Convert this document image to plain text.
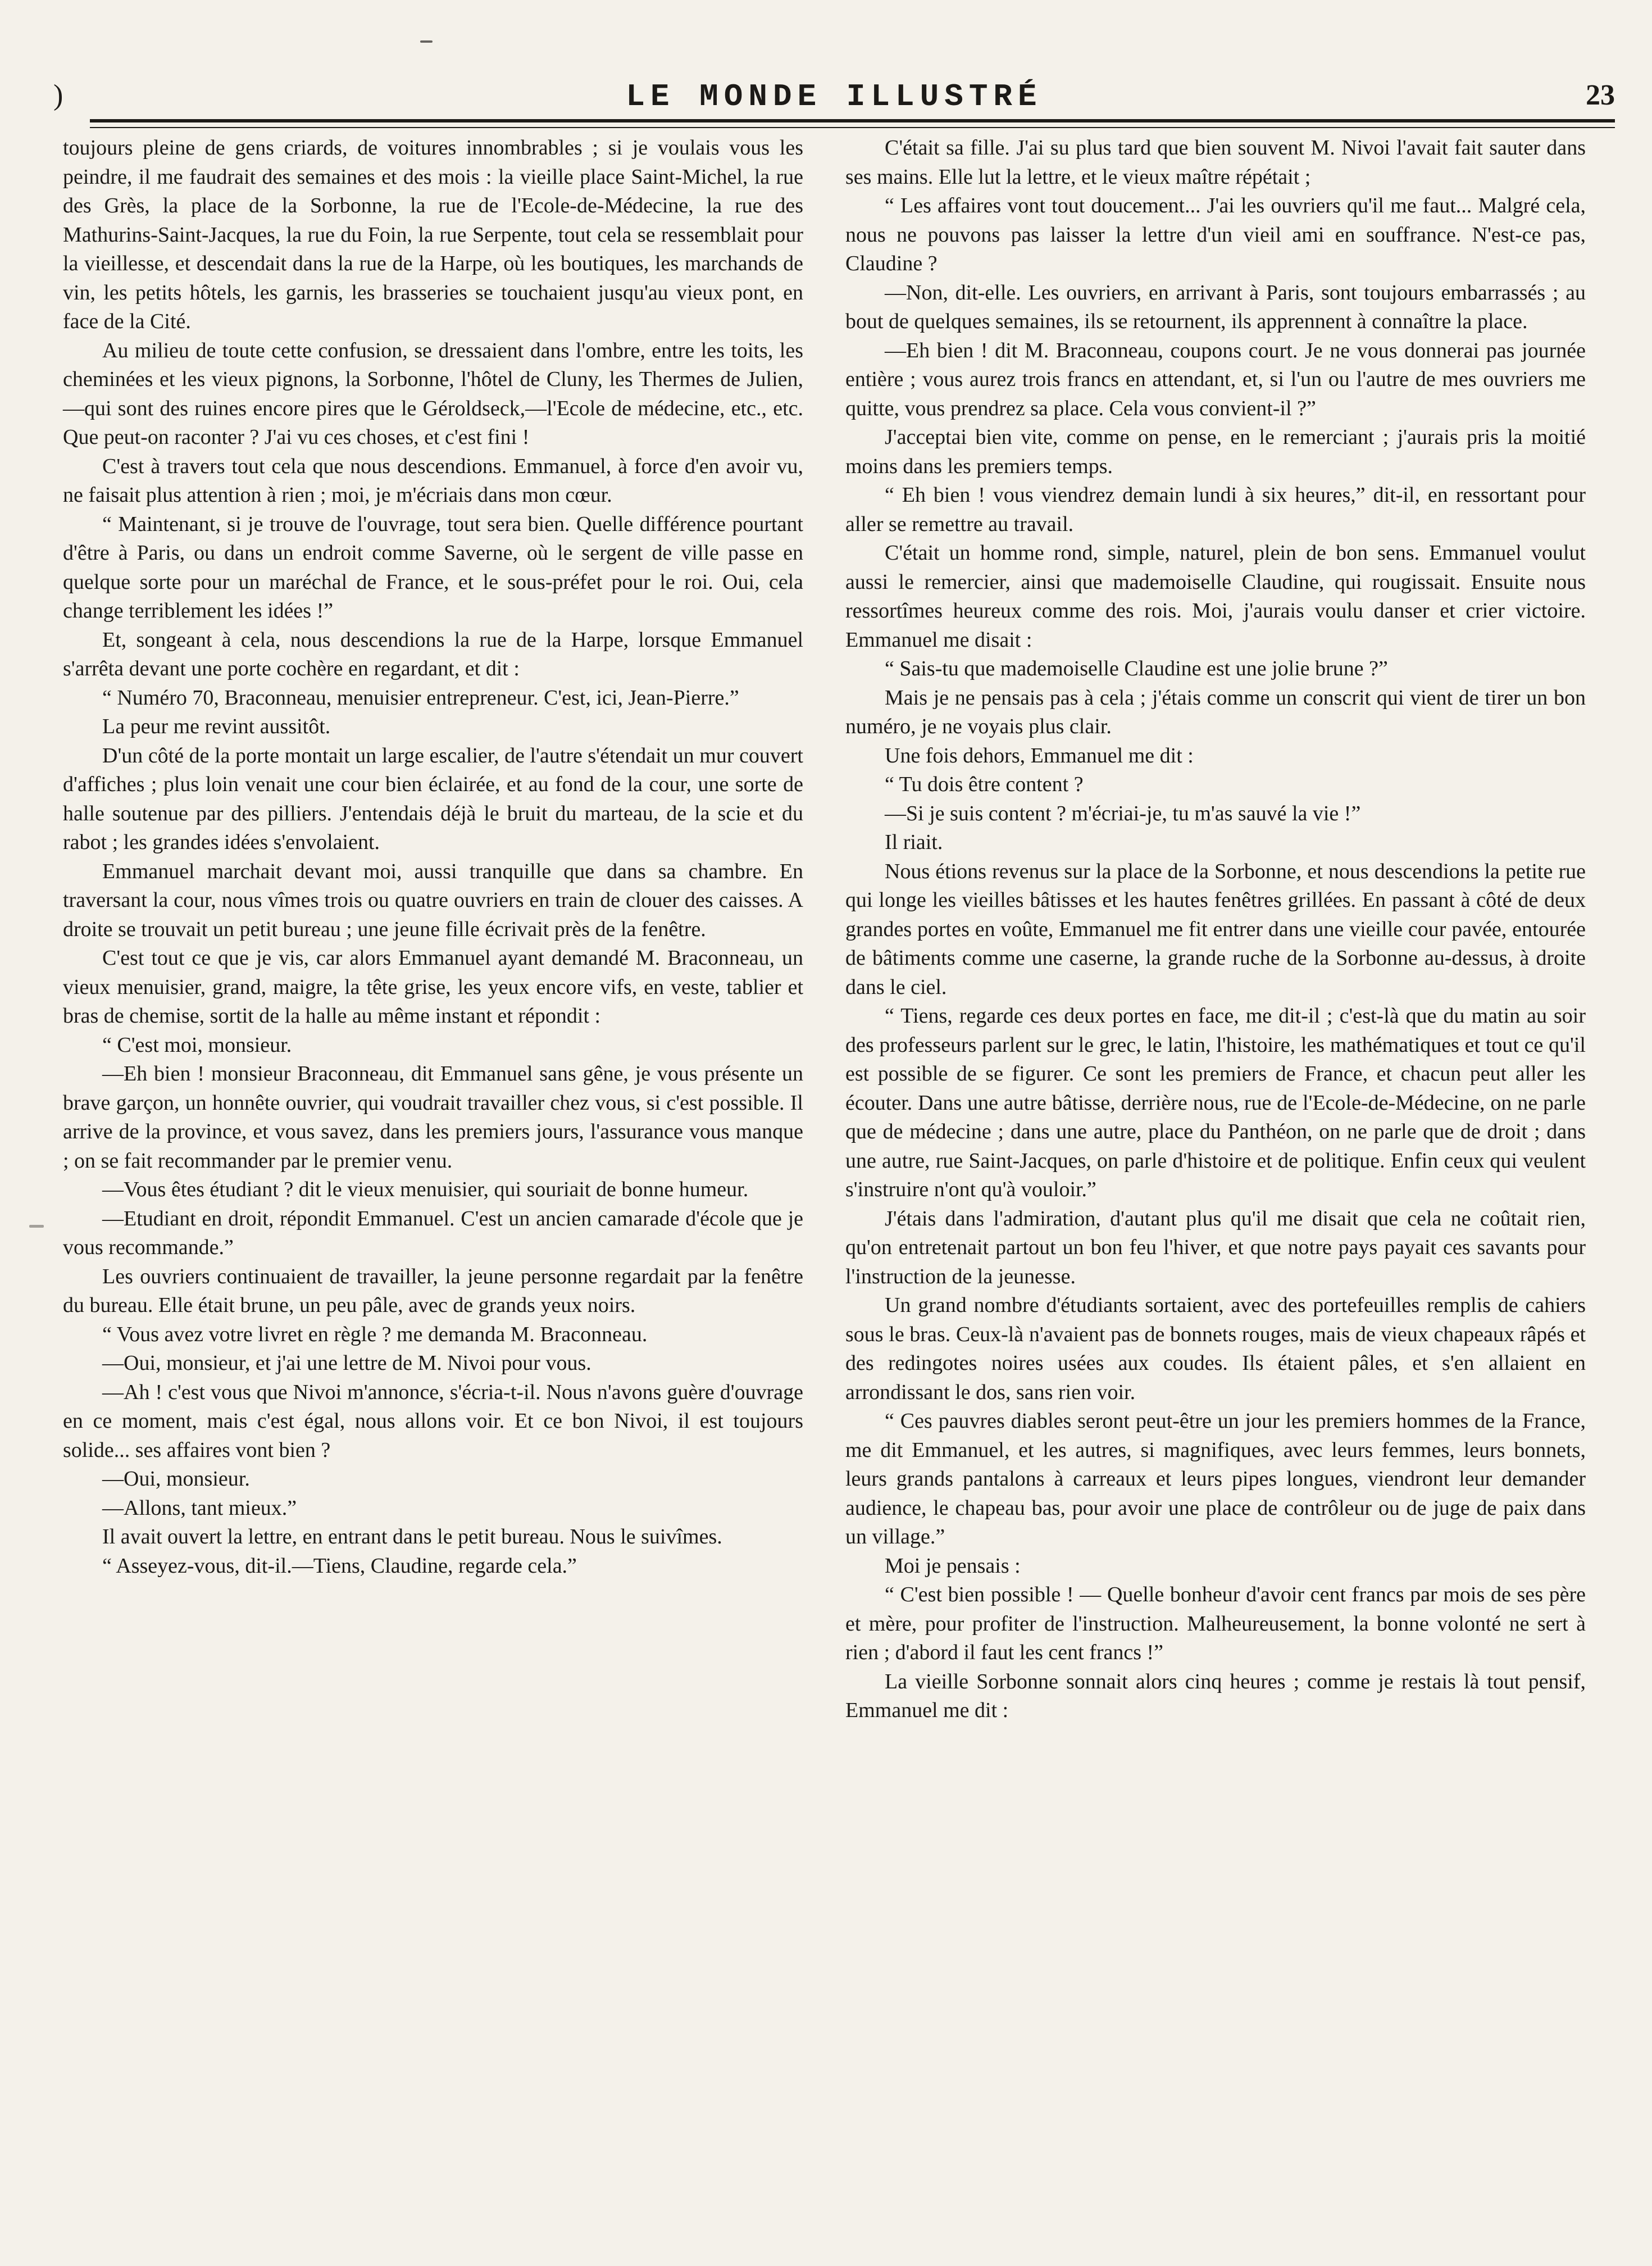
)	LE MONDE ILLUSTRÉ	23

toujours pleine de gens criards, de voitures innombrables ; si je voulais vous les peindre, il me faudrait des semaines et des mois : la vieille place Saint-Michel, la rue des Grès, la place de la Sorbonne, la rue de l'Ecole-de-Médecine, la rue des Mathurins-Saint-Jacques, la rue du Foin, la rue Serpente, tout cela se ressemblait pour la vieillesse, et descendait dans la rue de la Harpe, où les boutiques, les marchands de vin, les petits hôtels, les garnis, les brasseries se touchaient jusqu'au vieux pont, en face de la Cité.

Au milieu de toute cette confusion, se dressaient dans l'ombre, entre les toits, les cheminées et les vieux pignons, la Sorbonne, l'hôtel de Cluny, les Thermes de Julien,—qui sont des ruines encore pires que le Géroldseck,—l'Ecole de médecine, etc., etc. Que peut-on raconter ? J'ai vu ces choses, et c'est fini !

C'est à travers tout cela que nous descendions. Emmanuel, à force d'en avoir vu, ne faisait plus attention à rien ; moi, je m'écriais dans mon cœur.

“ Maintenant, si je trouve de l'ouvrage, tout sera bien. Quelle différence pourtant d'être à Paris, ou dans un endroit comme Saverne, où le sergent de ville passe en quelque sorte pour un maréchal de France, et le sous-préfet pour le roi. Oui, cela change terriblement les idées !”

Et, songeant à cela, nous descendions la rue de la Harpe, lorsque Emmanuel s'arrêta devant une porte cochère en regardant, et dit :

“ Numéro 70, Braconneau, menuisier entrepreneur. C'est, ici, Jean-Pierre.”

La peur me revint aussitôt.

D'un côté de la porte montait un large escalier, de l'autre s'étendait un mur couvert d'affiches ; plus loin venait une cour bien éclairée, et au fond de la cour, une sorte de halle soutenue par des pilliers. J'entendais déjà le bruit du marteau, de la scie et du rabot ; les grandes idées s'envolaient.

Emmanuel marchait devant moi, aussi tranquille que dans sa chambre. En traversant la cour, nous vîmes trois ou quatre ouvriers en train de clouer des caisses. A droite se trouvait un petit bureau ; une jeune fille écrivait près de la fenêtre.

C'est tout ce que je vis, car alors Emmanuel ayant demandé M. Braconneau, un vieux menuisier, grand, maigre, la tête grise, les yeux encore vifs, en veste, tablier et bras de chemise, sortit de la halle au même instant et répondit :

“ C'est moi, monsieur.

—Eh bien ! monsieur Braconneau, dit Emmanuel sans gêne, je vous présente un brave garçon, un honnête ouvrier, qui voudrait travailler chez vous, si c'est possible. Il arrive de la province, et vous savez, dans les premiers jours, l'assurance vous manque ; on se fait recommander par le premier venu.

—Vous êtes étudiant ? dit le vieux menuisier, qui souriait de bonne humeur.

—Etudiant en droit, répondit Emmanuel. C'est un ancien camarade d'école que je vous recommande.”

Les ouvriers continuaient de travailler, la jeune personne regardait par la fenêtre du bureau. Elle était brune, un peu pâle, avec de grands yeux noirs.

“ Vous avez votre livret en règle ? me demanda M. Braconneau.

—Oui, monsieur, et j'ai une lettre de M. Nivoi pour vous.

—Ah ! c'est vous que Nivoi m'annonce, s'écria-t-il. Nous n'avons guère d'ouvrage en ce moment, mais c'est égal, nous allons voir. Et ce bon Nivoi, il est toujours solide... ses affaires vont bien ?

—Oui, monsieur.

—Allons, tant mieux.”

Il avait ouvert la lettre, en entrant dans le petit bureau. Nous le suivîmes.

“ Asseyez-vous, dit-il.—Tiens, Claudine, regarde cela.”

C'était sa fille. J'ai su plus tard que bien souvent M. Nivoi l'avait fait sauter dans ses mains. Elle lut la lettre, et le vieux maître répétait ;

“ Les affaires vont tout doucement... J'ai les ouvriers qu'il me faut... Malgré cela, nous ne pouvons pas laisser la lettre d'un vieil ami en souffrance. N'est-ce pas, Claudine ?

—Non, dit-elle. Les ouvriers, en arrivant à Paris, sont toujours embarrassés ; au bout de quelques semaines, ils se retournent, ils apprennent à connaître la place.

—Eh bien ! dit M. Braconneau, coupons court. Je ne vous donnerai pas journée entière ; vous aurez trois francs en attendant, et, si l'un ou l'autre de mes ouvriers me quitte, vous prendrez sa place. Cela vous convient-il ?”

J'acceptai bien vite, comme on pense, en le remerciant ; j'aurais pris la moitié moins dans les premiers temps.

“ Eh bien ! vous viendrez demain lundi à six heures,” dit-il, en ressortant pour aller se remettre au travail.

C'était un homme rond, simple, naturel, plein de bon sens. Emmanuel voulut aussi le remercier, ainsi que mademoiselle Claudine, qui rougissait. Ensuite nous ressortîmes heureux comme des rois. Moi, j'aurais voulu danser et crier victoire. Emmanuel me disait :

“ Sais-tu que mademoiselle Claudine est une jolie brune ?”

Mais je ne pensais pas à cela ; j'étais comme un conscrit qui vient de tirer un bon numéro, je ne voyais plus clair.

Une fois dehors, Emmanuel me dit :

“ Tu dois être content ?

—Si je suis content ? m'écriai-je, tu m'as sauvé la vie !”

Il riait.

Nous étions revenus sur la place de la Sorbonne, et nous descendions la petite rue qui longe les vieilles bâtisses et les hautes fenêtres grillées. En passant à côté de deux grandes portes en voûte, Emmanuel me fit entrer dans une vieille cour pavée, entourée de bâtiments comme une caserne, la grande ruche de la Sorbonne au-dessus, à droite dans le ciel.

“ Tiens, regarde ces deux portes en face, me dit-il ; c'est-là que du matin au soir des professeurs parlent sur le grec, le latin, l'histoire, les mathématiques et tout ce qu'il est possible de se figurer. Ce sont les premiers de France, et chacun peut aller les écouter. Dans une autre bâtisse, derrière nous, rue de l'Ecole-de-Médecine, on ne parle que de médecine ; dans une autre, place du Panthéon, on ne parle que de droit ; dans une autre, rue Saint-Jacques, on parle d'histoire et de politique. Enfin ceux qui veulent s'instruire n'ont qu'à vouloir.”

J'étais dans l'admiration, d'autant plus qu'il me disait que cela ne coûtait rien, qu'on entretenait partout un bon feu l'hiver, et que notre pays payait ces savants pour l'instruction de la jeunesse.

Un grand nombre d'étudiants sortaient, avec des portefeuilles remplis de cahiers sous le bras. Ceux-là n'avaient pas de bonnets rouges, mais de vieux chapeaux râpés et des redingotes noires usées aux coudes. Ils étaient pâles, et s'en allaient en arrondissant le dos, sans rien voir.

“ Ces pauvres diables seront peut-être un jour les premiers hommes de la France, me dit Emmanuel, et les autres, si magnifiques, avec leurs femmes, leurs bonnets, leurs grands pantalons à carreaux et leurs pipes longues, viendront leur demander audience, le chapeau bas, pour avoir une place de contrôleur ou de juge de paix dans un village.”

Moi je pensais :

“ C'est bien possible ! — Quelle bonheur d'avoir cent francs par mois de ses père et mère, pour profiter de l'instruction. Malheureusement, la bonne volonté ne sert à rien ; d'abord il faut les cent francs !”

La vieille Sorbonne sonnait alors cinq heures ; comme je restais là tout pensif, Emmanuel me dit :
